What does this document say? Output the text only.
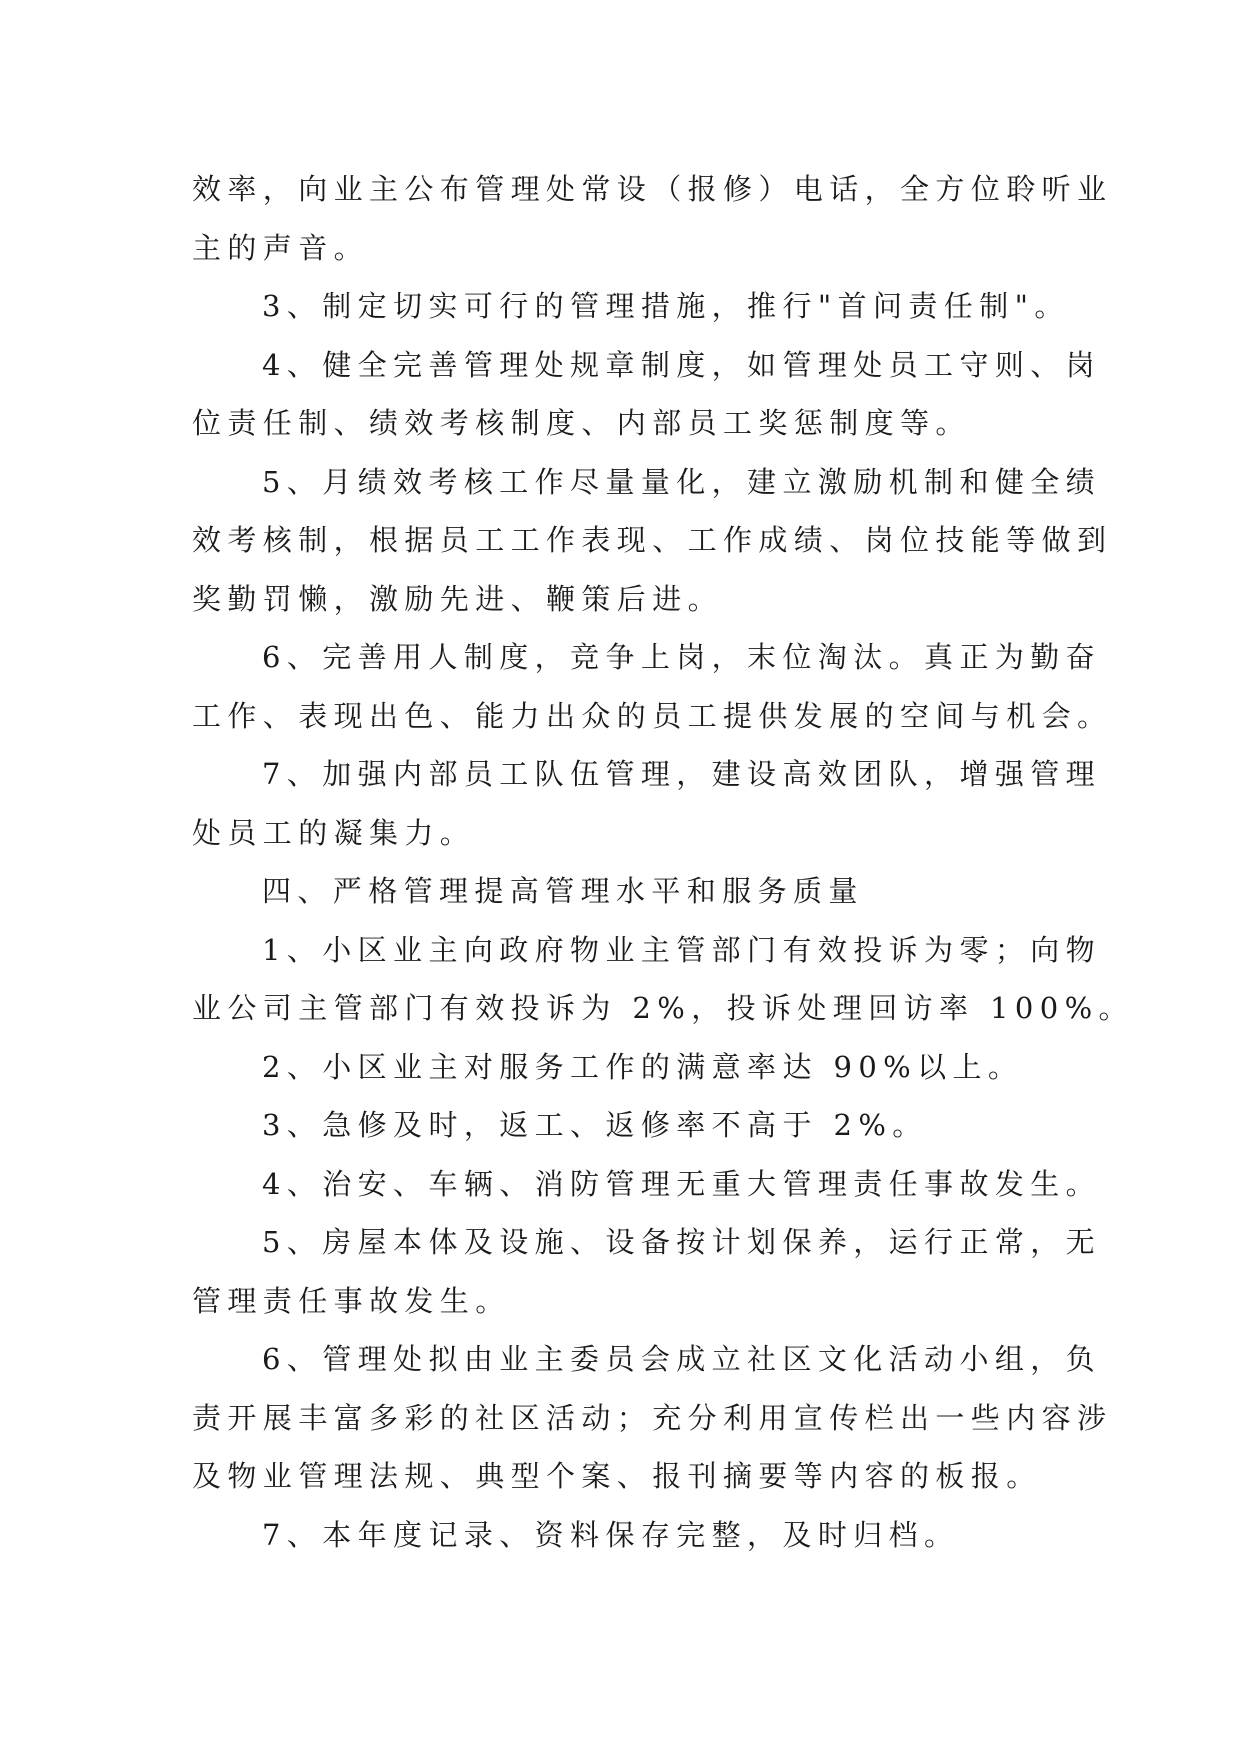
效率，向业主公布管理处常设（报修）电话，全方位聆听业

主的声音。

3、制定切实可行的管理措施，推行"首问责任制"。

4、健全完善管理处规章制度，如管理处员工守则、岗

位责任制、绩效考核制度、内部员工奖惩制度等。

5、月绩效考核工作尽量量化，建立激励机制和健全绩

效考核制，根据员工工作表现、工作成绩、岗位技能等做到

奖勤罚懒，激励先进、鞭策后进。

6、完善用人制度，竞争上岗，末位淘汰。真正为勤奋

工作、表现出色、能力出众的员工提供发展的空间与机会。

7、加强内部员工队伍管理，建设高效团队，增强管理

处员工的凝集力。

四、严格管理提高管理水平和服务质量

1、小区业主向政府物业主管部门有效投诉为零；向物

业公司主管部门有效投诉为 2%，投诉处理回访率 100%。

2、小区业主对服务工作的满意率达 90%以上。

3、急修及时，返工、返修率不高于 2%。

4、治安、车辆、消防管理无重大管理责任事故发生。

5、房屋本体及设施、设备按计划保养，运行正常，无

管理责任事故发生。

6、管理处拟由业主委员会成立社区文化活动小组，负

责开展丰富多彩的社区活动；充分利用宣传栏出一些内容涉

及物业管理法规、典型个案、报刊摘要等内容的板报。

7、本年度记录、资料保存完整，及时归档。
